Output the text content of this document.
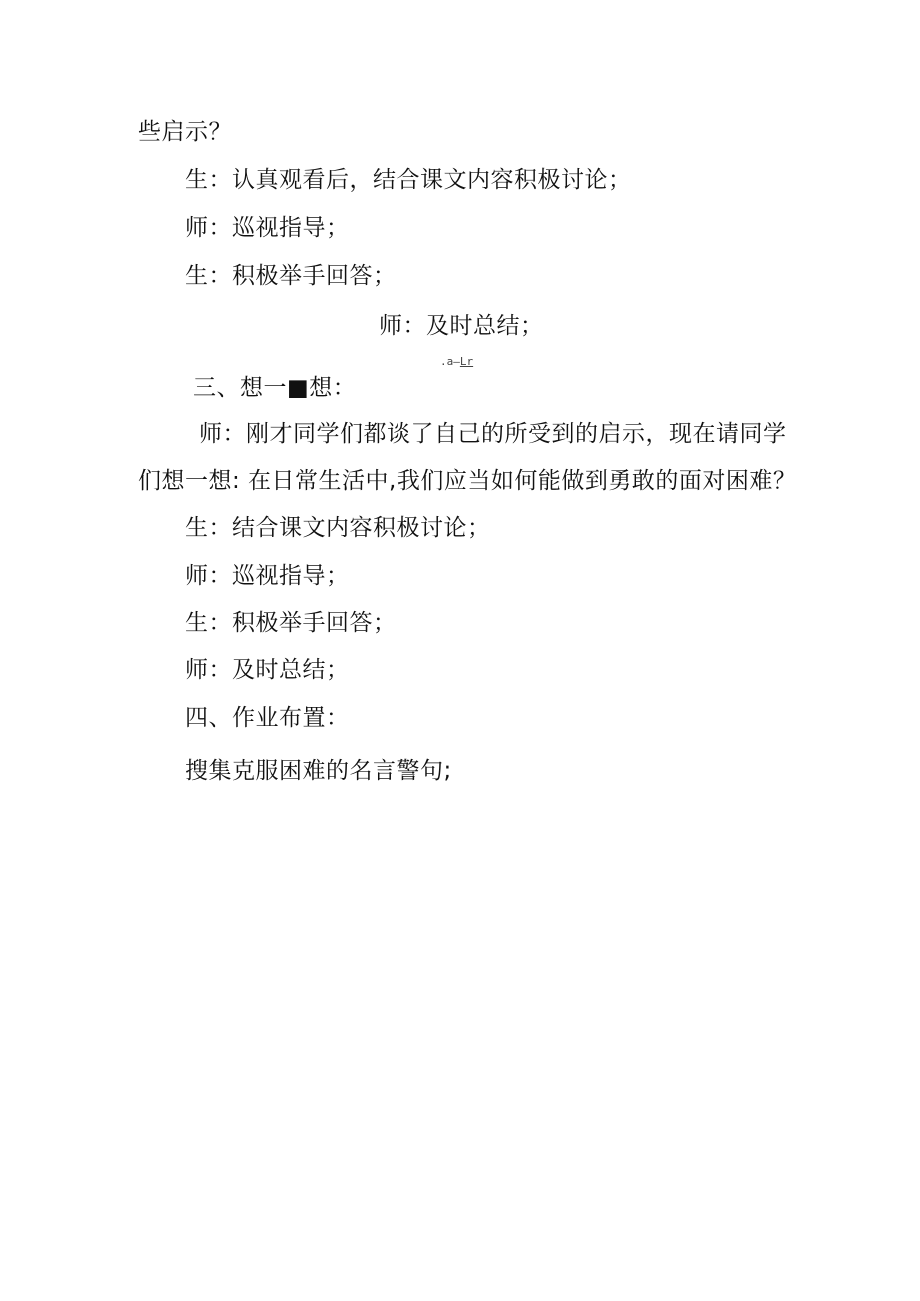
些启示？
生：认真观看后，结合课文内容积极讨论；
师：巡视指导；
生：积极举手回答；
师：及时总结；
.a—Lr
三、想一■想：
师：刚才同学们都谈了自己的所受到的启示，现在请同学
们想一想: 在日常生活中,我们应当如何能做到勇敢的面对困难？
生：结合课文内容积极讨论；
师：巡视指导；
生：积极举手回答；
师：及时总结；
四、作业布置：
搜集克服困难的名言警句;
